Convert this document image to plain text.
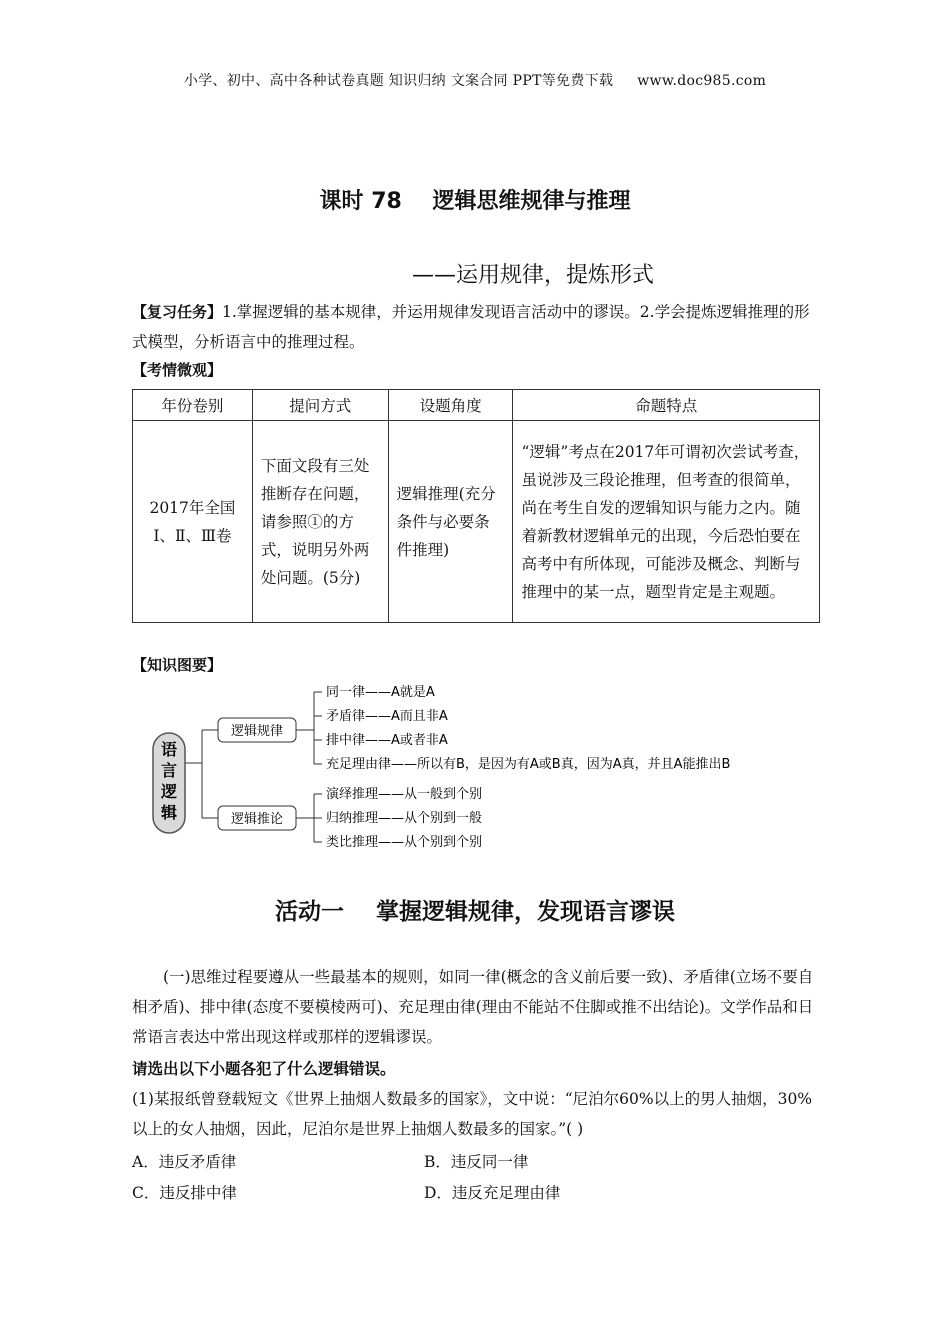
小学、初中、高中各种试卷真题 知识归纳 文案合同 PPT等免费下载 www.doc985.com
课时 78    逻辑思维规律与推理
——运用规律，提炼形式
【复习任务】1.掌握逻辑的基本规律，并运用规律发现语言活动中的谬误。2.学会提炼逻辑推理的形式模型，分析语言中的推理过程。
【考情微观】
年份卷别	提问方式	设题角度	命题特点
2017年全国Ⅰ、Ⅱ、Ⅲ卷	下面文段有三处推断存在问题，请参照①的方式，说明另外两处问题。(5分)	逻辑推理(充分条件与必要条件推理)	“逻辑”考点在2017年可谓初次尝试考查，虽说涉及三段论推理，但考查的很简单，尚在考生自发的逻辑知识与能力之内。随着新教材逻辑单元的出现，今后恐怕要在高考中有所体现，可能涉及概念、判断与推理中的某一点，题型肯定是主观题。
【知识图要】
语
言
逻
辑
逻辑规律
同一律——A就是A
矛盾律——A而且非A
排中律——A或者非A
充足理由律——所以有B，是因为有A或B真，因为A真，并且A能推出B
逻辑推论
演绎推理——从一般到个别
归纳推理——从个别到一般
类比推理——从个别到个别
活动一    掌握逻辑规律，发现语言谬误
(一)思维过程要遵从一些最基本的规则，如同一律(概念的含义前后要一致)、矛盾律(立场不要自相矛盾)、排中律(态度不要模棱两可)、充足理由律(理由不能站不住脚或推不出结论)。文学作品和日常语言表达中常出现这样或那样的逻辑谬误。
请选出以下小题各犯了什么逻辑错误。
(1)某报纸曾登载短文《世界上抽烟人数最多的国家》，文中说：“尼泊尔60%以上的男人抽烟，30%以上的女人抽烟，因此，尼泊尔是世界上抽烟人数最多的国家。”( )
A．违反矛盾律	B．违反同一律
C．违反排中律	D．违反充足理由律
